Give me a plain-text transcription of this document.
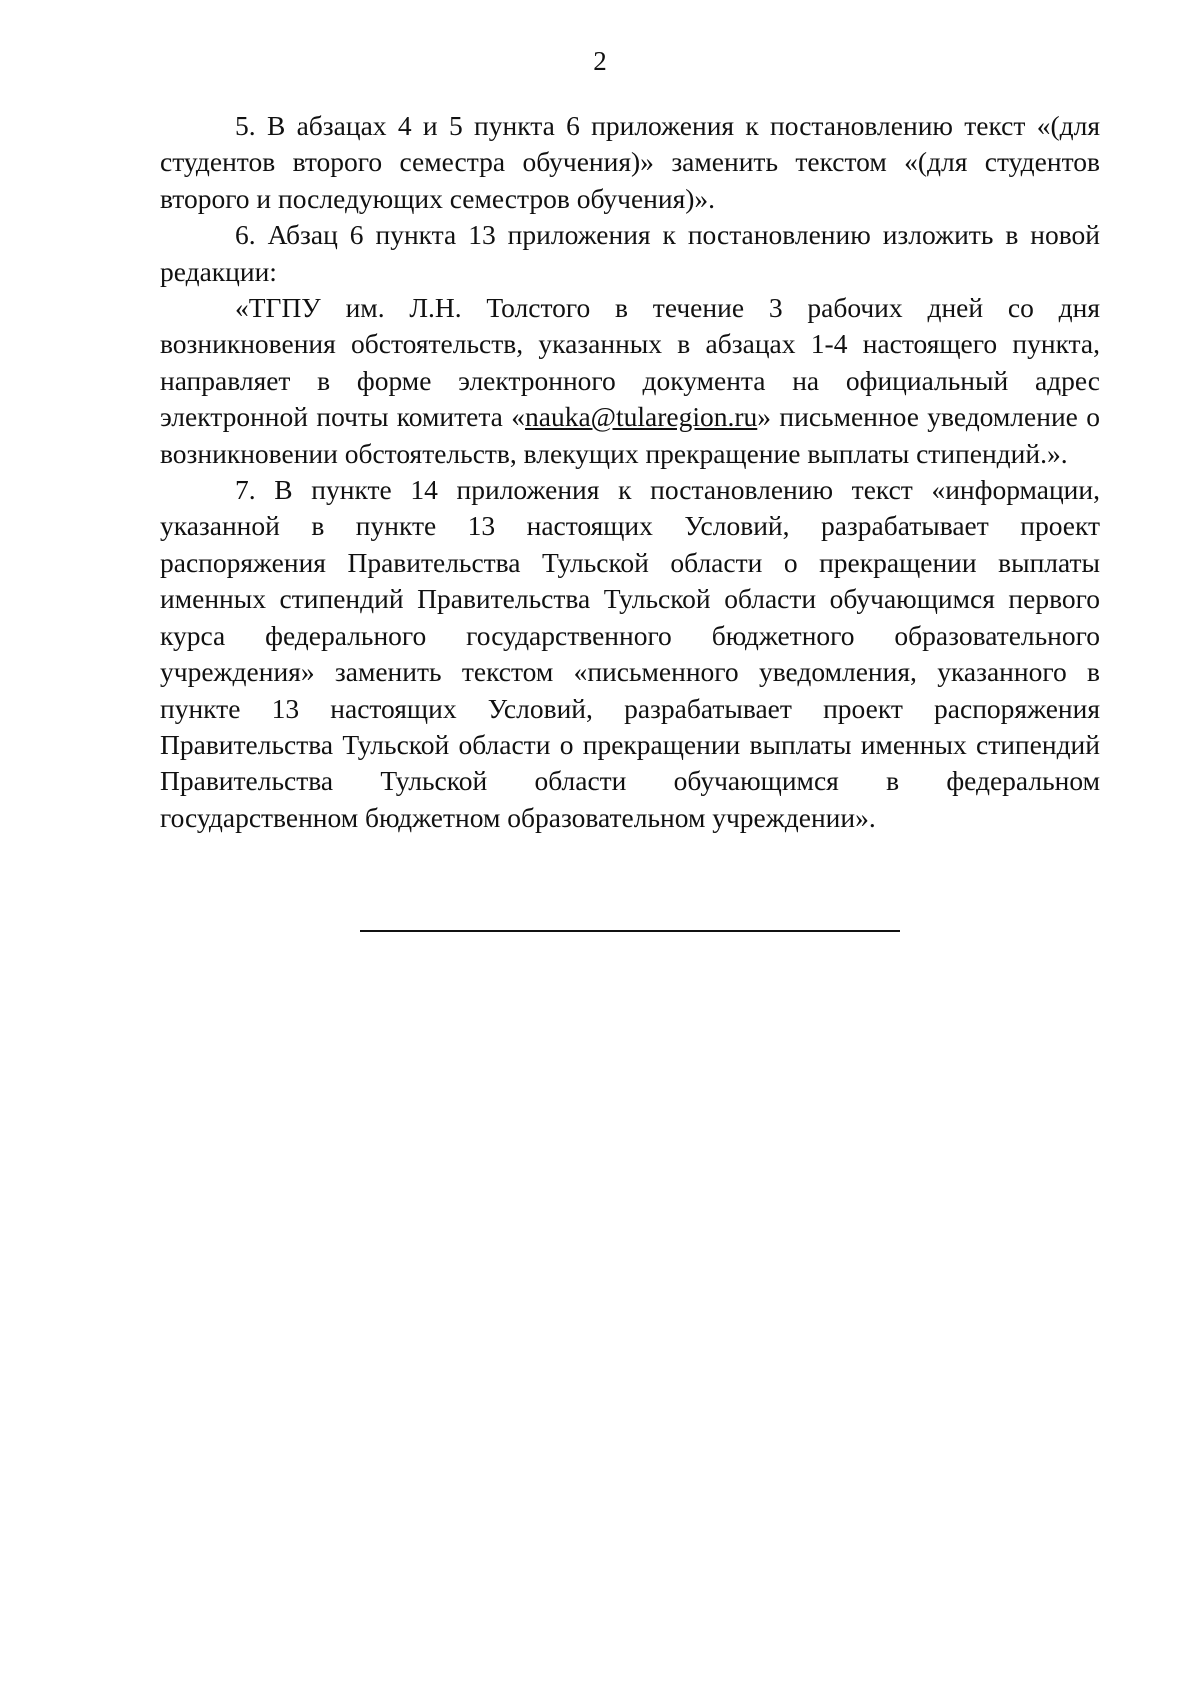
2

5. В абзацах 4 и 5 пункта 6 приложения к постановлению текст «(для студентов второго семестра обучения)» заменить текстом «(для студентов второго и последующих семестров обучения)».

6. Абзац 6 пункта 13 приложения к постановлению изложить в новой редакции:

«ТГПУ им. Л.Н. Толстого в течение 3 рабочих дней со дня возникновения обстоятельств, указанных в абзацах 1-4 настоящего пункта, направляет в форме электронного документа на официальный адрес электронной почты комитета «nauka@tularegion.ru» письменное уведомление о возникновении обстоятельств, влекущих прекращение выплаты стипендий.».

7. В пункте 14 приложения к постановлению текст «информации, указанной в пункте 13 настоящих Условий, разрабатывает проект распоряжения Правительства Тульской области о прекращении выплаты именных стипендий Правительства Тульской области обучающимся первого курса федерального государственного бюджетного образовательного учреждения» заменить текстом «письменного уведомления, указанного в пункте 13 настоящих Условий, разрабатывает проект распоряжения Правительства Тульской области о прекращении выплаты именных стипендий Правительства Тульской области обучающимся в федеральном государственном бюджетном образовательном учреждении».
